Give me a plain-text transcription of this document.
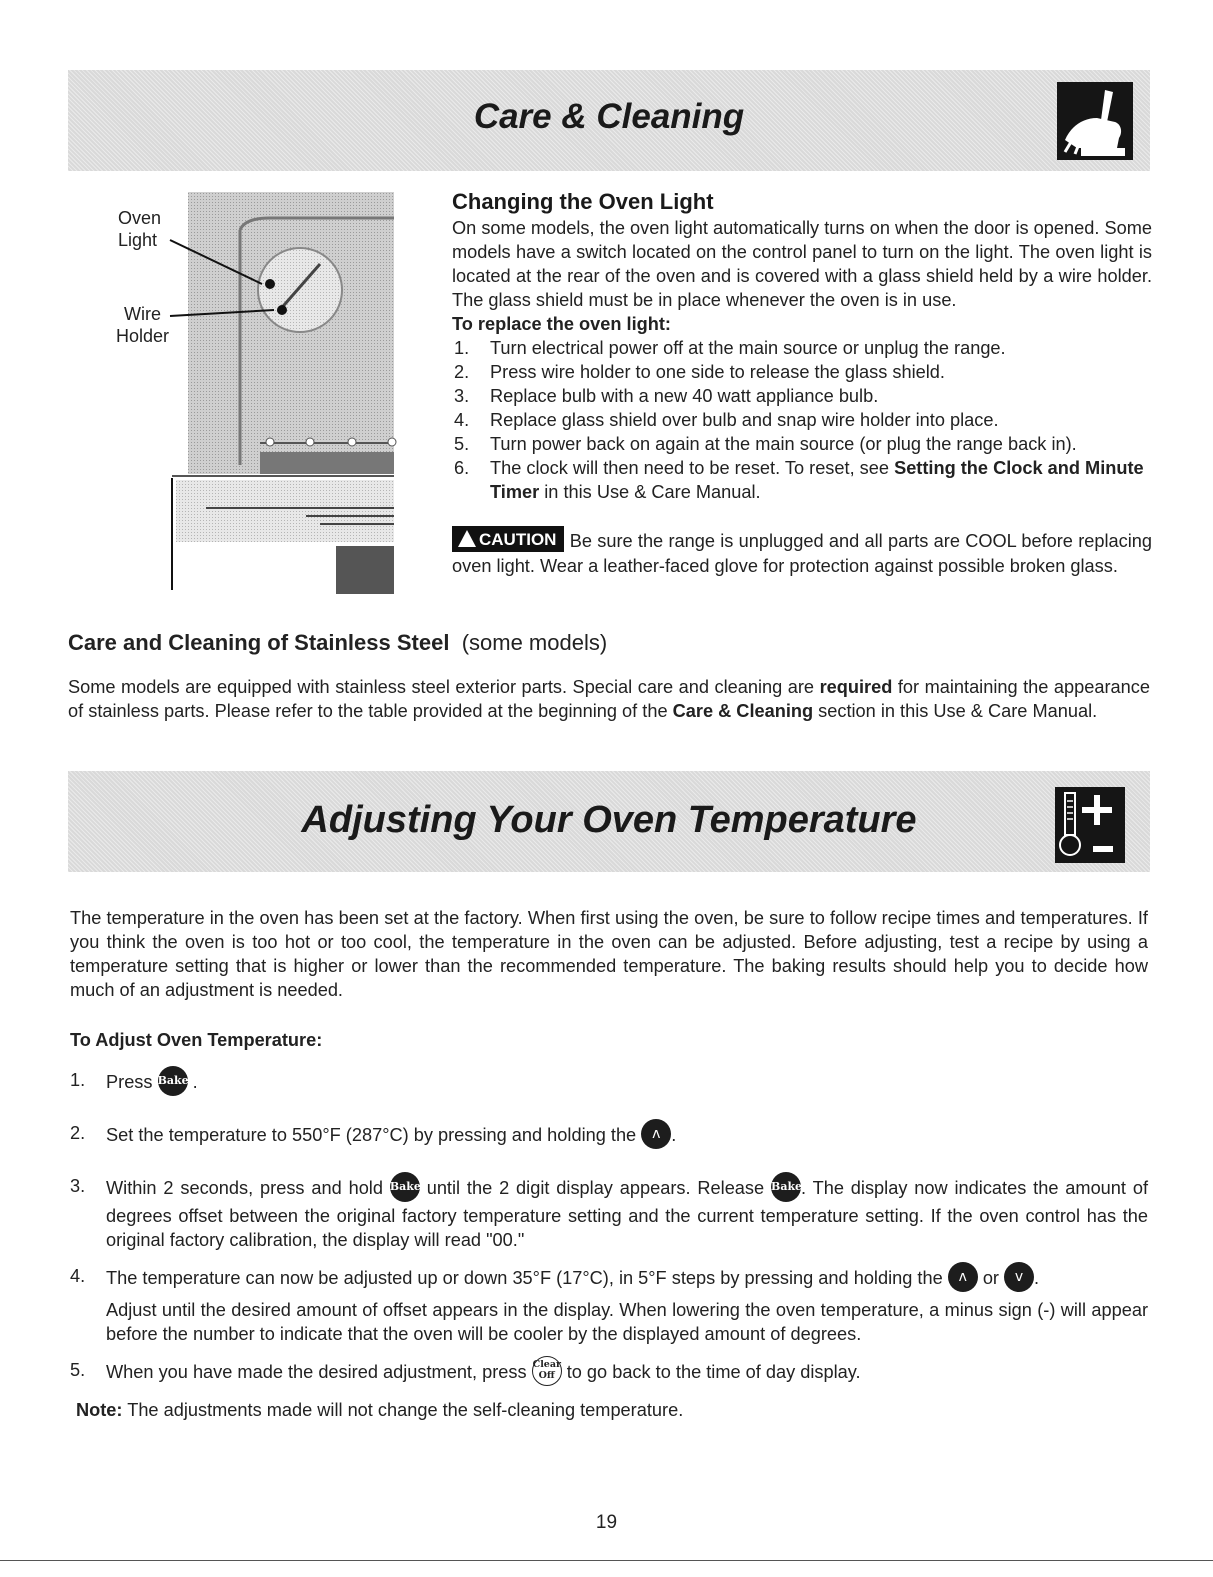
Care & Cleaning
Oven
Light
Wire
Holder
Changing the Oven Light

On some models, the oven light automatically turns on when the door is opened. Some models have a switch located on the control panel to turn on the light. The oven light is located at the rear of the oven and is covered with a glass shield held by a wire holder. The glass shield must be in place whenever the oven is in use.

To replace the oven light:
1. Turn electrical power off at the main source or unplug the range.
2. Press wire holder to one side to release the glass shield.
3. Replace bulb with a new 40 watt appliance bulb.
4. Replace glass shield over bulb and snap wire holder into place.
5. Turn power back on again at the main source (or plug the range back in).
6. The clock will then need to be reset. To reset, see Setting the Clock and Minute Timer in this Use & Care Manual.

CAUTION Be sure the range is unplugged and all parts are COOL before replacing oven light. Wear a leather-faced glove for protection against possible broken glass.

Care and Cleaning of Stainless Steel (some models)

Some models are equipped with stainless steel exterior parts. Special care and cleaning are required for maintaining the appearance of stainless parts. Please refer to the table provided at the beginning of the Care & Cleaning section in this Use & Care Manual.

Adjusting Your Oven Temperature

The temperature in the oven has been set at the factory. When first using the oven, be sure to follow recipe times and temperatures. If you think the oven is too hot or too cool, the temperature in the oven can be adjusted. Before adjusting, test a recipe by using a temperature setting that is higher or lower than the recommended temperature. The baking results should help you to decide how much of an adjustment is needed.

To Adjust Oven Temperature:
1. Press Bake .
2. Set the temperature to 550°F (287°C) by pressing and holding the ʌ .
3. Within 2 seconds, press and hold Bake until the 2 digit display appears. Release Bake. The display now indicates the amount of degrees offset between the original factory temperature setting and the current temperature setting. If the oven control has the original factory calibration, the display will read "00."
4. The temperature can now be adjusted up or down 35°F (17°C), in 5°F steps by pressing and holding the ʌ or v .
Adjust until the desired amount of offset appears in the display. When lowering the oven temperature, a minus sign (-) will appear before the number to indicate that the oven will be cooler by the displayed amount of degrees.
5. When you have made the desired adjustment, press Clear
Off to go back to the time of day display.

Note: The adjustments made will not change the self-cleaning temperature.

19
